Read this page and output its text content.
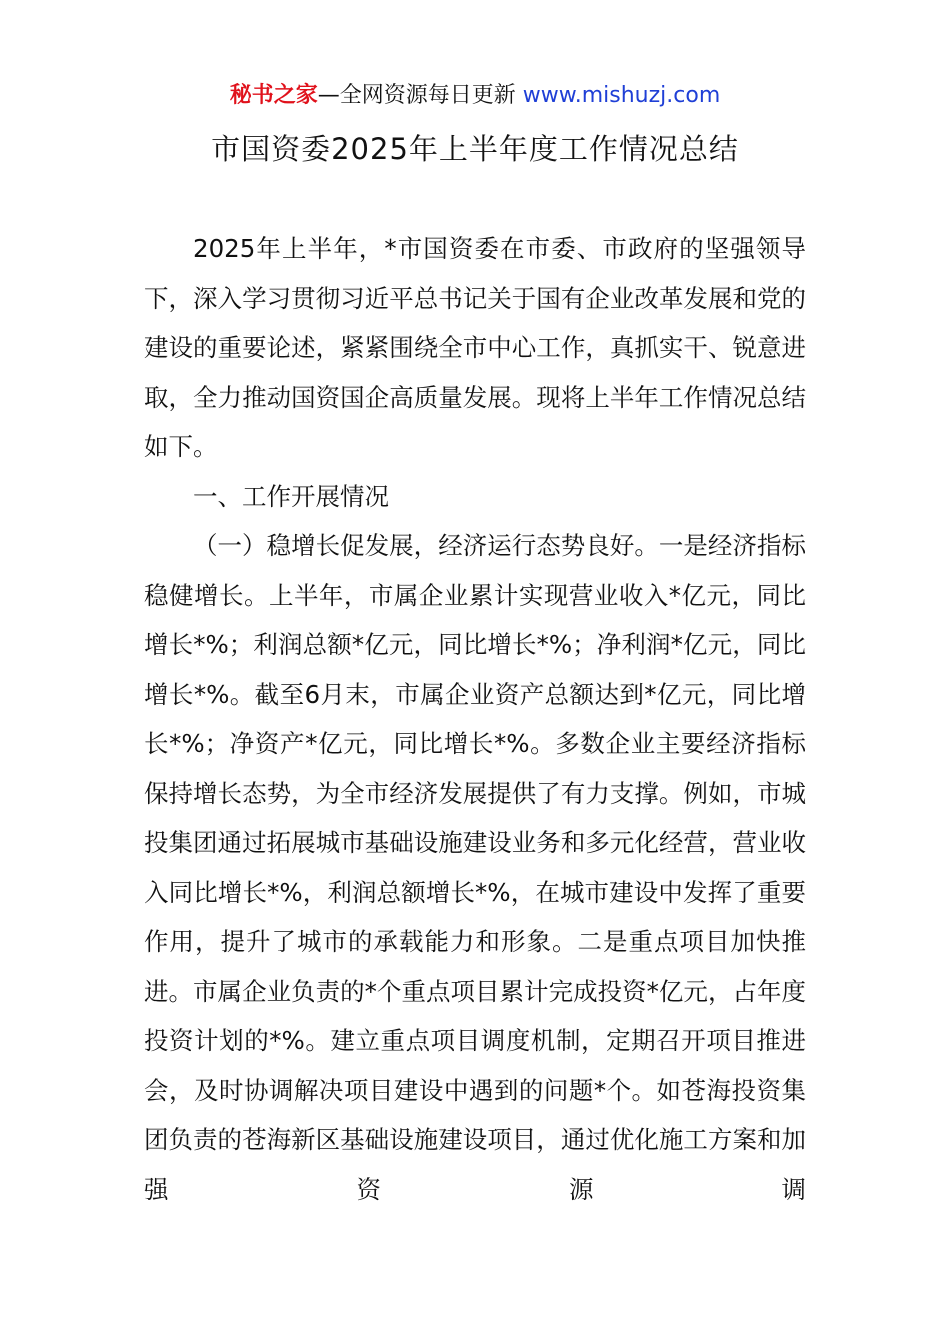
秘书之家—全网资源每日更新 www.mishuzj.com
市国资委2025年上半年度工作情况总结

2025年上半年，*市国资委在市委、市政府的坚强领导下，深入学习贯彻习近平总书记关于国有企业改革发展和党的建设的重要论述，紧紧围绕全市中心工作，真抓实干、锐意进取，全力推动国资国企高质量发展。现将上半年工作情况总结如下。

一、工作开展情况

（一）稳增长促发展，经济运行态势良好。一是经济指标稳健增长。上半年，市属企业累计实现营业收入*亿元，同比增长*%；利润总额*亿元，同比增长*%；净利润*亿元，同比增长*%。截至6月末，市属企业资产总额达到*亿元，同比增长*%；净资产*亿元，同比增长*%。多数企业主要经济指标保持增长态势，为全市经济发展提供了有力支撑。例如，市城投集团通过拓展城市基础设施建设业务和多元化经营，营业收入同比增长*%，利润总额增长*%，在城市建设中发挥了重要作用，提升了城市的承载能力和形象。二是重点项目加快推进。市属企业负责的*个重点项目累计完成投资*亿元，占年度投资计划的*%。建立重点项目调度机制，定期召开项目推进会，及时协调解决项目建设中遇到的问题*个。如苍海投资集团负责的苍海新区基础设施建设项目，通过优化施工方案和加强资源调
